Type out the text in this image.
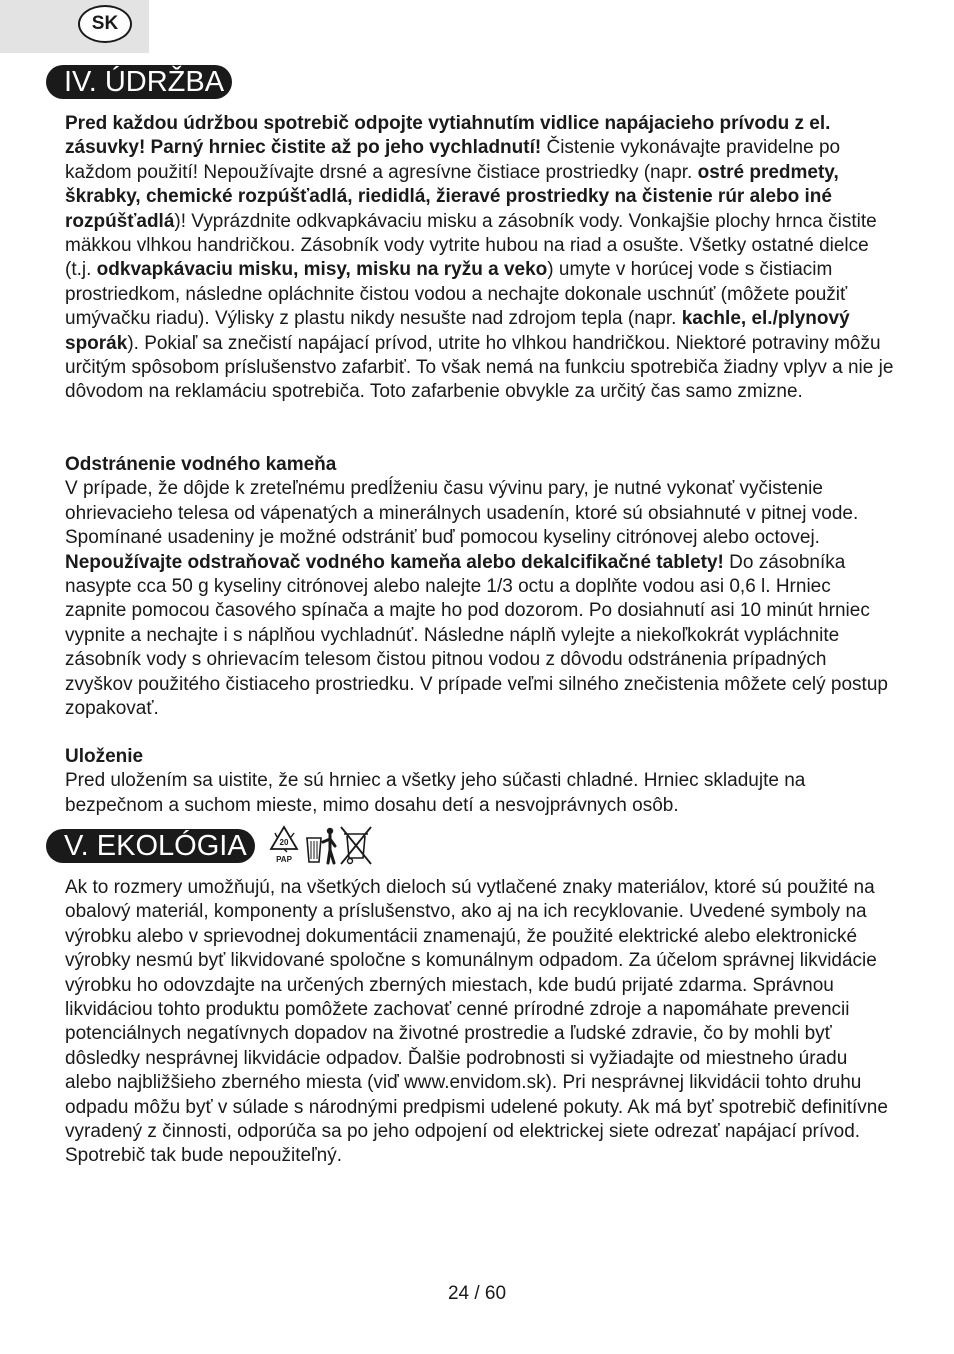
SK
IV. ÚDRŽBA

Pred každou údržbou spotrebič odpojte vytiahnutím vidlice napájacieho prívodu z el. zásuvky! Parný hrniec čistite až po jeho vychladnutí! Čistenie vykonávajte pravidelne po každom použití! Nepoužívajte drsné a agresívne čistiace prostriedky (napr. ostré predmety, škrabky, chemické rozpúšťadlá, riedidlá, žieravé prostriedky na čistenie rúr alebo iné rozpúšťadlá)! Vyprázdnite odkvapkávaciu misku a zásobník vody. Vonkajšie plochy hrnca čistite mäkkou vlhkou handričkou. Zásobník vody vytrite hubou na riad a osušte. Všetky ostatné dielce (t.j. odkvapkávaciu misku, misy, misku na ryžu a veko) umyte v horúcej vode s čistiacim prostriedkom, následne opláchnite čistou vodou a nechajte dokonale uschnúť (môžete použiť umývačku riadu). Výlisky z plastu nikdy nesušte nad zdrojom tepla (napr. kachle, el./plynový sporák). Pokiaľ sa znečistí napájací prívod, utrite ho vlhkou handričkou. Niektoré potraviny môžu určitým spôsobom príslušenstvo zafarbiť. To však nemá na funkciu spotrebiča žiadny vplyv a nie je dôvodom na reklamáciu spotrebiča. Toto zafarbenie obvykle za určitý čas samo zmizne.

Odstránenie vodného kameňa

V prípade, že dôjde k zreteľnému predĺženiu času vývinu pary, je nutné vykonať vyčistenie ohrievacieho telesa od vápenatých a minerálnych usadenín, ktoré sú obsiahnuté v pitnej vode. Spomínané usadeniny je možné odstrániť buď pomocou kyseliny citrónovej alebo octovej. Nepoužívajte odstraňovač vodného kameňa alebo dekalcifikačné tablety! Do zásobníka nasypte cca 50 g kyseliny citrónovej alebo nalejte 1/3 octu a doplňte vodou asi 0,6 l. Hrniec zapnite pomocou časového spínača a majte ho pod dozorom. Po dosiahnutí asi 10 minút hrniec vypnite a nechajte i s náplňou vychladnúť. Následne náplň vylejte a niekoľkokrát vypláchnite zásobník vody s ohrievacím telesom čistou pitnou vodou z dôvodu odstránenia prípadných zvyškov použitého čistiaceho prostriedku. V prípade veľmi silného znečistenia môžete celý postup zopakovať.

Uloženie

Pred uložením sa uistite, že sú hrniec a všetky jeho súčasti chladné. Hrniec skladujte na bezpečnom a suchom mieste, mimo dosahu detí a nesvojprávnych osôb.

V. EKOLÓGIA	20
PAP

Ak to rozmery umožňujú, na všetkých dieloch sú vytlačené znaky materiálov, ktoré sú použité na obalový materiál, komponenty a príslušenstvo, ako aj na ich recyklovanie. Uvedené symboly na výrobku alebo v sprievodnej dokumentácii znamenajú, že použité elektrické alebo elektronické výrobky nesmú byť likvidované spoločne s komunálnym odpadom. Za účelom správnej likvidácie výrobku ho odovzdajte na určených zberných miestach, kde budú prijaté zdarma. Správnou likvidáciou tohto produktu pomôžete zachovať cenné prírodné zdroje a napomáhate prevencii potenciálnych negatívnych dopadov na životné prostredie a ľudské zdravie, čo by mohli byť dôsledky nesprávnej likvidácie odpadov. Ďalšie podrobnosti si vyžiadajte od miestneho úradu alebo najbližšieho zberného miesta (viď www.envidom.sk). Pri nesprávnej likvidácii tohto druhu odpadu môžu byť v súlade s národnými predpismi udelené pokuty. Ak má byť spotrebič definitívne vyradený z činnosti, odporúča sa po jeho odpojení od elektrickej siete odrezať napájací prívod. Spotrebič tak bude nepoužiteľný.

24 / 60
